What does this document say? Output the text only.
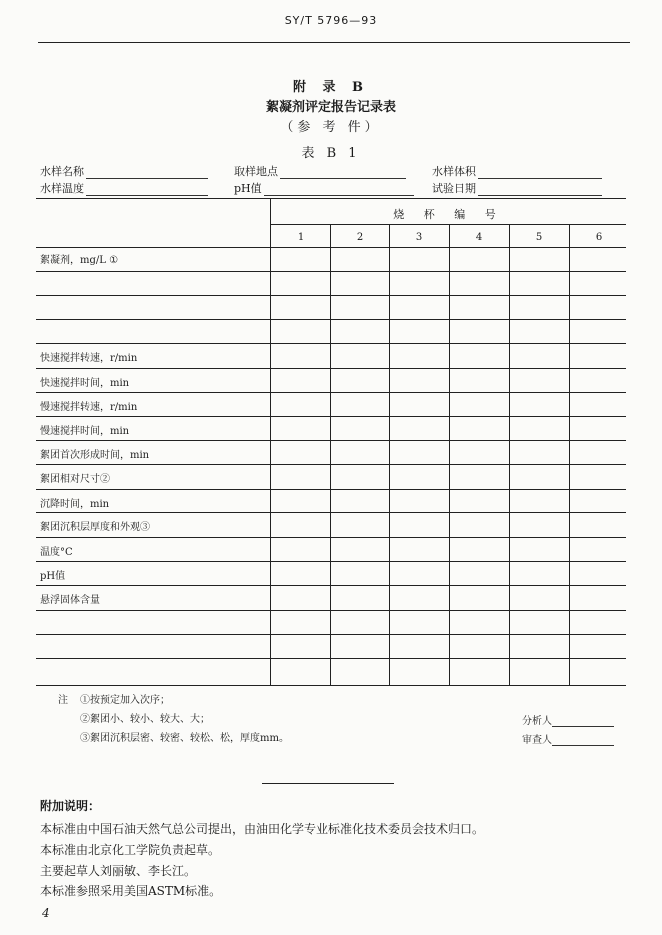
SY/T 5796—93
附 录 B
絮凝剂评定报告记录表
（参 考 件）
表 B 1
水样名称	取样地点	水样体积
水样温度	pH值	试验日期
烧 杯 编 号
1	2	3	4	5	6
絮凝剂，mg/L ①
快速搅拌转速，r/min
快速搅拌时间，min
慢速搅拌转速，r/min
慢速搅拌时间，min
絮团首次形成时间，min
絮团相对尺寸②
沉降时间，min
絮团沉积层厚度和外观③
温度°C
pH值
悬浮固体含量
注 ①按预定加入次序；
②絮团小、较小、较大、大；
③絮团沉积层密、较密、较松、松，厚度mm。
分析人
审查人
附加说明：
本标准由中国石油天然气总公司提出，由油田化学专业标准化技术委员会技术归口。
本标准由北京化工学院负责起草。
主要起草人刘丽敏、李长江。
本标准参照采用美国ASTM标准。
4
